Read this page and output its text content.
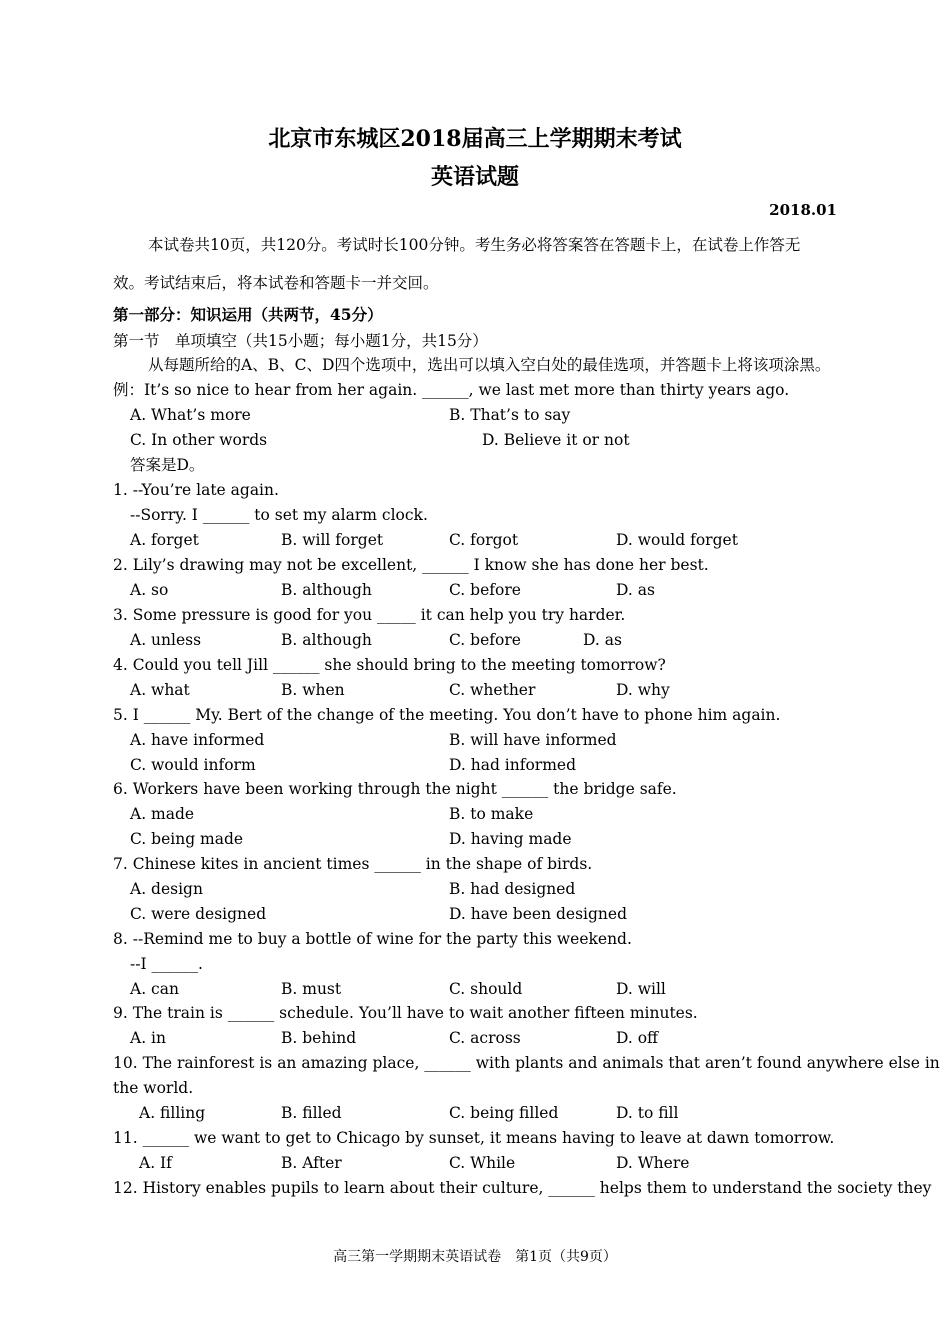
北京市东城区2018届高三上学期期末考试
英语试题
2018.01
本试卷共10页，共120分。考试时长100分钟。考生务必将答案答在答题卡上，在试卷上作答无
效。考试结束后，将本试卷和答题卡一并交回。
第一部分：知识运用（共两节，45分）
第一节　单项填空（共15小题；每小题1分，共15分）
从每题所给的A、B、C、D四个选项中，选出可以填入空白处的最佳选项，并答题卡上将该项涂黑。
例：It’s so nice to hear from her again. ______, we last met more than thirty years ago.
A. What’s more	B. That’s to say
C. In other words	D. Believe it or not
答案是D。
1. --You’re late again.
--Sorry. I ______ to set my alarm clock.
A. forget	B. will forget	C. forgot	D. would forget
2. Lily’s drawing may not be excellent, ______ I know she has done her best.
A. so	B. although	C. before	D. as
3. Some pressure is good for you _____ it can help you try harder.
A. unless	B. although	C. before	D. as
4. Could you tell Jill ______ she should bring to the meeting tomorrow?
A. what	B. when	C. whether	D. why
5. I ______ My. Bert of the change of the meeting. You don’t have to phone him again.
A. have informed	B. will have informed
C. would inform	D. had informed
6. Workers have been working through the night ______ the bridge safe.
A. made	B. to make
C. being made	D. having made
7. Chinese kites in ancient times ______ in the shape of birds.
A. design	B. had designed
C. were designed	D. have been designed
8. --Remind me to buy a bottle of wine for the party this weekend.
--I ______.
A. can	B. must	C. should	D. will
9. The train is ______ schedule. You’ll have to wait another fifteen minutes.
A. in	B. behind	C. across	D. off
10. The rainforest is an amazing place, ______ with plants and animals that aren’t found anywhere else in
the world.
A. filling	B. filled	C. being filled	D. to fill
11. ______ we want to get to Chicago by sunset, it means having to leave at dawn tomorrow.
A. If	B. After	C. While	D. Where
12. History enables pupils to learn about their culture, ______ helps them to understand the society they
高三第一学期期末英语试卷　第1页（共9页）
